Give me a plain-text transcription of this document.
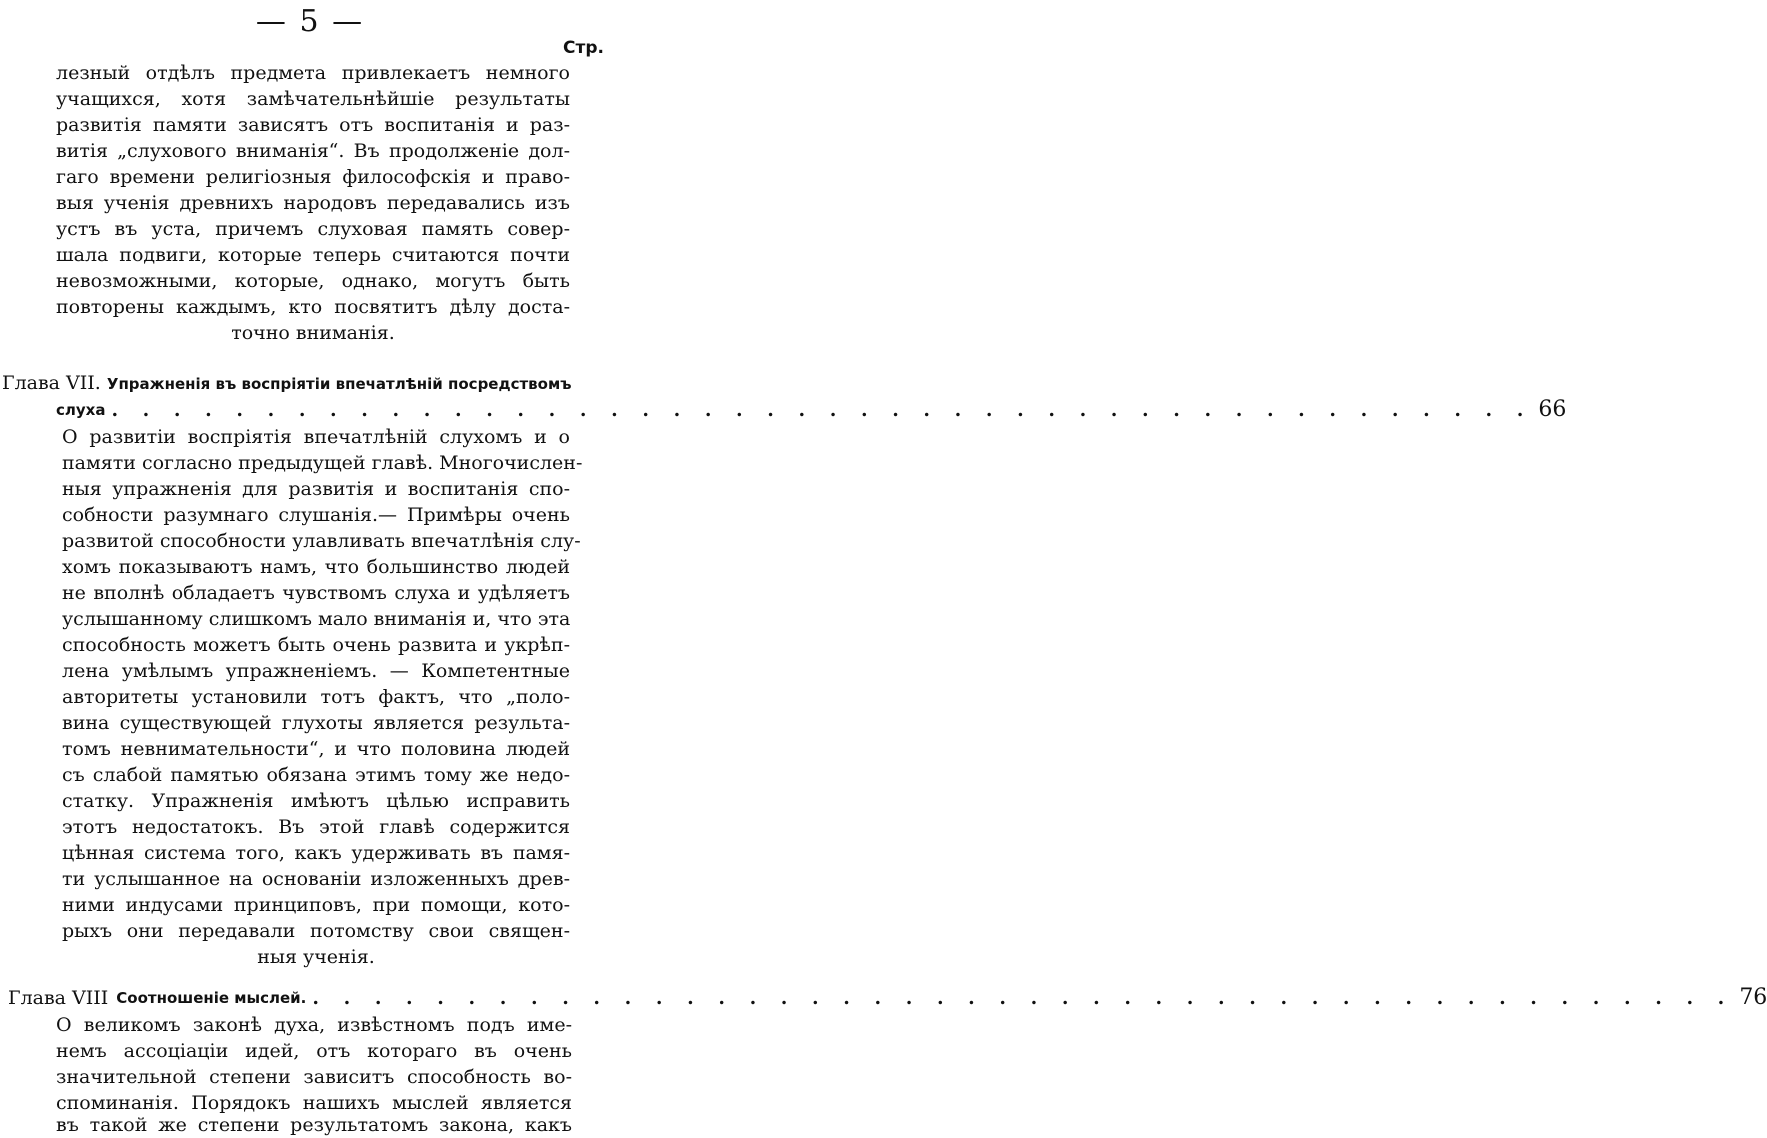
— 5 —
Стр.
лезный отдѣлъ предмета привлекаетъ немного
учащихся, хотя замѣчательнѣйшіе результаты
развитія памяти зависятъ отъ воспитанія и раз-
витія „слухового вниманія“. Въ продолженіе дол-
гаго времени религіозныя философскія и право-
выя ученія древнихъ народовъ передавались изъ
устъ въ уста, причемъ слуховая память совер-
шала подвиги, которые теперь считаются почти
невозможными, которые, однако, могутъ быть
повторены каждымъ, кто посвятитъ дѣлу доста-
точно вниманія.
Глава VII. Упражненія въ воспріятіи впечатлѣній посредствомъ
слуха . . . . . . . . . . . . . . . . . . . . . . . . . . . . . . . . . . . . . . . . . . . . . . 66
О развитіи воспріятія впечатлѣній слухомъ и о
памяти согласно предыдущей главѣ. Многочислен-
ныя упражненія для развитія и воспитанія спо-
собности разумнаго слушанія.— Примѣры очень
развитой способности улавливать впечатлѣнія слу-
хомъ показываютъ намъ, что большинство людей
не вполнѣ обладаетъ чувствомъ слуха и удѣляетъ
услышанному слишкомъ мало вниманія и, что эта
способность можетъ быть очень развита и укрѣп-
лена умѣлымъ упражненіемъ. — Компетентные
авторитеты установили тотъ фактъ, что „поло-
вина существующей глухоты является результа-
томъ невнимательности“, и что половина людей
съ слабой памятью обязана этимъ тому же недо-
статку. Упражненія имѣютъ цѣлью исправить
этотъ недостатокъ. Въ этой главѣ содержится
цѣнная система того, какъ удерживать въ памя-
ти услышанное на основаніи изложенныхъ древ-
ними индусами принциповъ, при помощи, кото-
рыхъ они передавали потомству свои священ-
ныя ученія.
Глава VIII Соотношеніе мыслей. . . . . . . . . . . . . . . . . . . . . . . . . . . . . . . . . . . . . . . . . . . . . . . 76
О великомъ законѣ духа, извѣстномъ подъ име-
немъ ассоціаціи идей, отъ котораго въ очень
значительной степени зависитъ способность во-
споминанія. Порядокъ нашихъ мыслей является
въ такой же степени результатомъ закона, какъ
